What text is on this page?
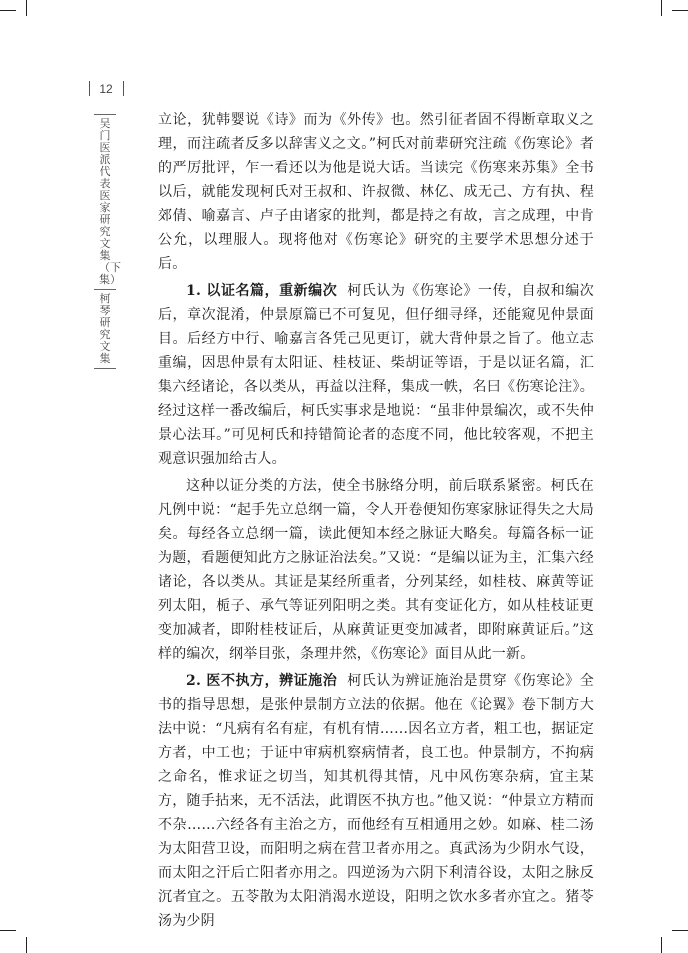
12
吴门医派代表医家研究文集（下集）
柯琴研究文集

立论，犹韩婴说《诗》而为《外传》也。然引征者固不得断章取义之理，而注疏者反多以辞害义之文。”柯氏对前辈研究注疏《伤寒论》者的严厉批评，乍一看还以为他是说大话。当读完《伤寒来苏集》全书以后，就能发现柯氏对王叔和、许叔微、林亿、成无己、方有执、程郊倩、喻嘉言、卢子由诸家的批判，都是持之有故，言之成理，中肯公允，以理服人。现将他对《伤寒论》研究的主要学术思想分述于后。

1. 以证名篇，重新编次 柯氏认为《伤寒论》一传，自叔和编次后，章次混淆，仲景原篇已不可复见，但仔细寻绎，还能窥见仲景面目。后经方中行、喻嘉言各凭己见更订，就大背仲景之旨了。他立志重编，因思仲景有太阳证、桂枝证、柴胡证等语，于是以证名篇，汇集六经诸论，各以类从，再益以注释，集成一帙，名曰《伤寒论注》。经过这样一番改编后，柯氏实事求是地说：“虽非仲景编次，或不失仲景心法耳。”可见柯氏和持错简论者的态度不同，他比较客观，不把主观意识强加给古人。

这种以证分类的方法，使全书脉络分明，前后联系紧密。柯氏在凡例中说：“起手先立总纲一篇，令人开卷便知伤寒家脉证得失之大局矣。每经各立总纲一篇，读此便知本经之脉证大略矣。每篇各标一证为题，看题便知此方之脉证治法矣。”又说：“是编以证为主，汇集六经诸论，各以类从。其证是某经所重者，分列某经，如桂枝、麻黄等证列太阳，栀子、承气等证列阳明之类。其有变证化方，如从桂枝证更变加减者，即附桂枝证后，从麻黄证更变加减者，即附麻黄证后。”这样的编次，纲举目张，条理井然，《伤寒论》面目从此一新。

2. 医不执方，辨证施治 柯氏认为辨证施治是贯穿《伤寒论》全书的指导思想，是张仲景制方立法的依据。他在《论翼》卷下制方大法中说：“凡病有名有症，有机有情……因名立方者，粗工也，据证定方者，中工也；于证中审病机察病情者，良工也。仲景制方，不拘病之命名，惟求证之切当，知其机得其情，凡中风伤寒杂病，宜主某方，随手拈来，无不活法，此谓医不执方也。”他又说：“仲景立方精而不杂……六经各有主治之方，而他经有互相通用之妙。如麻、桂二汤为太阳营卫设，而阳明之病在营卫者亦用之。真武汤为少阴水气设，而太阳之汗后亡阳者亦用之。四逆汤为六阴下利清谷设，太阳之脉反沉者宜之。五苓散为太阳消渴水逆设，阳明之饮水多者亦宜之。猪苓汤为少阴
